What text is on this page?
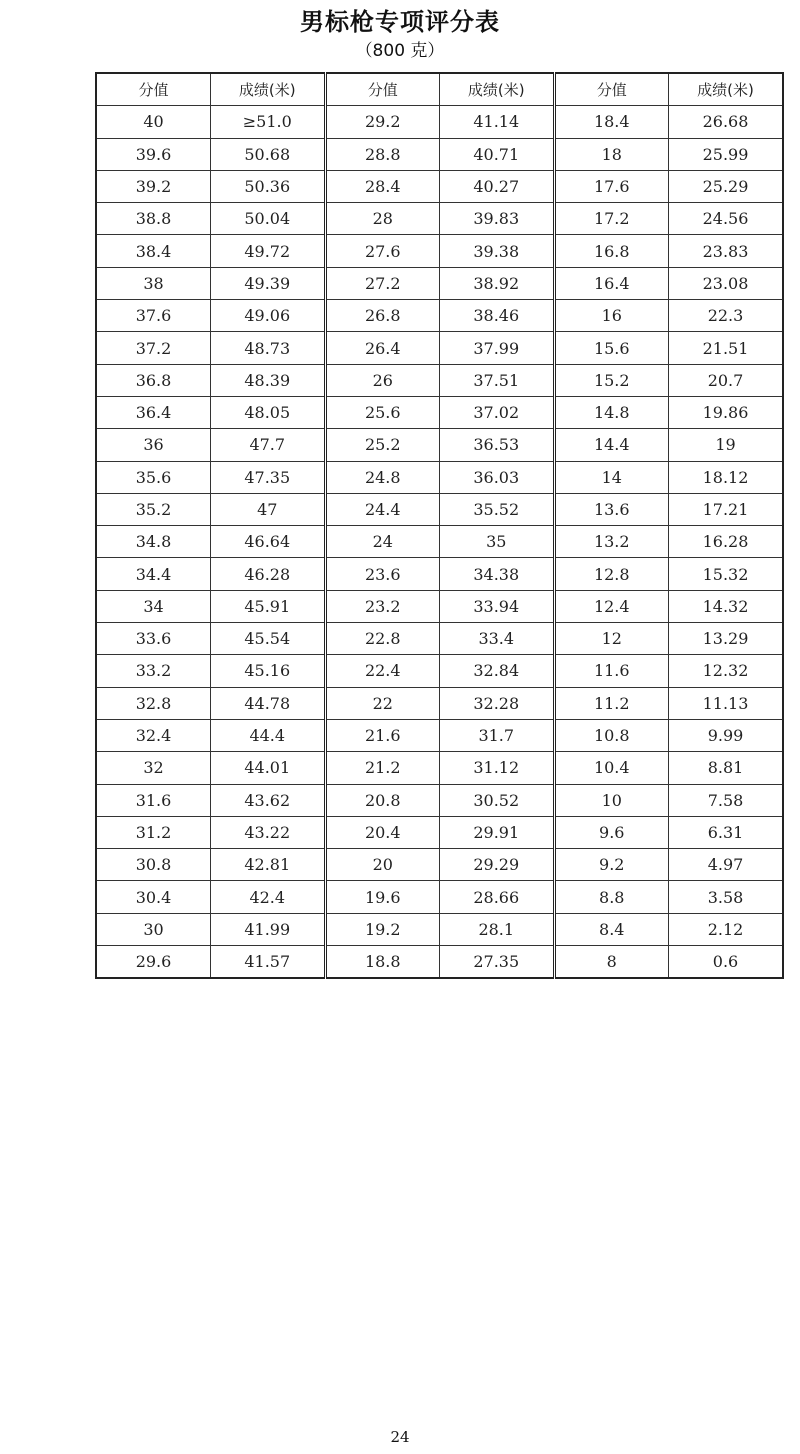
男标枪专项评分表
（800 克）
分值	成绩(米)	分值	成绩(米)	分值	成绩(米)
40	≥51.0	29.2	41.14	18.4	26.68
39.6	50.68	28.8	40.71	18	25.99
39.2	50.36	28.4	40.27	17.6	25.29
38.8	50.04	28	39.83	17.2	24.56
38.4	49.72	27.6	39.38	16.8	23.83
38	49.39	27.2	38.92	16.4	23.08
37.6	49.06	26.8	38.46	16	22.3
37.2	48.73	26.4	37.99	15.6	21.51
36.8	48.39	26	37.51	15.2	20.7
36.4	48.05	25.6	37.02	14.8	19.86
36	47.7	25.2	36.53	14.4	19
35.6	47.35	24.8	36.03	14	18.12
35.2	47	24.4	35.52	13.6	17.21
34.8	46.64	24	35	13.2	16.28
34.4	46.28	23.6	34.38	12.8	15.32
34	45.91	23.2	33.94	12.4	14.32
33.6	45.54	22.8	33.4	12	13.29
33.2	45.16	22.4	32.84	11.6	12.32
32.8	44.78	22	32.28	11.2	11.13
32.4	44.4	21.6	31.7	10.8	9.99
32	44.01	21.2	31.12	10.4	8.81
31.6	43.62	20.8	30.52	10	7.58
31.2	43.22	20.4	29.91	9.6	6.31
30.8	42.81	20	29.29	9.2	4.97
30.4	42.4	19.6	28.66	8.8	3.58
30	41.99	19.2	28.1	8.4	2.12
29.6	41.57	18.8	27.35	8	0.6
24
